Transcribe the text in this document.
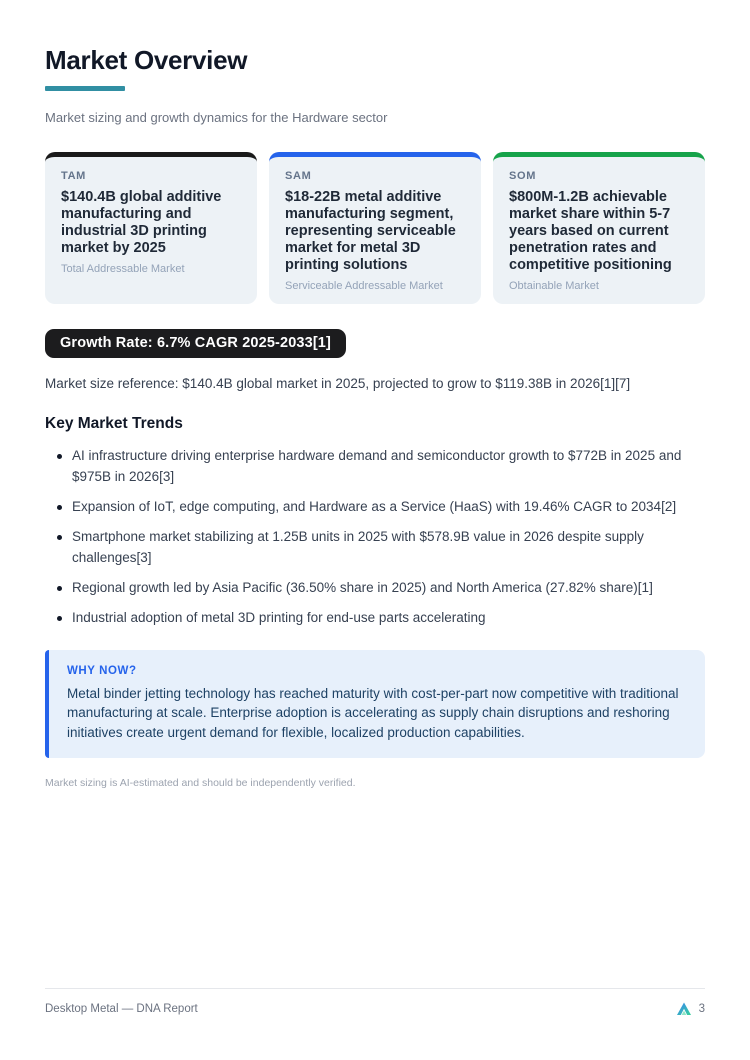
Market Overview

Market sizing and growth dynamics for the Hardware sector

TAM
$140.4B global additive manufacturing and industrial 3D printing market by 2025
Total Addressable Market
SAM
$18-22B metal additive manufacturing segment, representing serviceable market for metal 3D printing solutions
Serviceable Addressable Market
SOM
$800M-1.2B achievable market share within 5-7 years based on current penetration rates and competitive positioning
Obtainable Market
Growth Rate: 6.7% CAGR 2025-2033[1]

Market size reference: $140.4B global market in 2025, projected to grow to $119.38B in 2026[1][7]

Key Market Trends
AI infrastructure driving enterprise hardware demand and semiconductor growth to $772B in 2025 and $975B in 2026[3]
Expansion of IoT, edge computing, and Hardware as a Service (HaaS) with 19.46% CAGR to 2034[2]
Smartphone market stabilizing at 1.25B units in 2025 with $578.9B value in 2026 despite supply challenges[3]
Regional growth led by Asia Pacific (36.50% share in 2025) and North America (27.82% share)[1]
Industrial adoption of metal 3D printing for end-use parts accelerating
WHY NOW?

Metal binder jetting technology has reached maturity with cost-per-part now competitive with traditional manufacturing at scale. Enterprise adoption is accelerating as supply chain disruptions and reshoring initiatives create urgent demand for flexible, localized production capabilities.

Market sizing is AI-estimated and should be independently verified.

Desktop Metal — DNA Report	3
